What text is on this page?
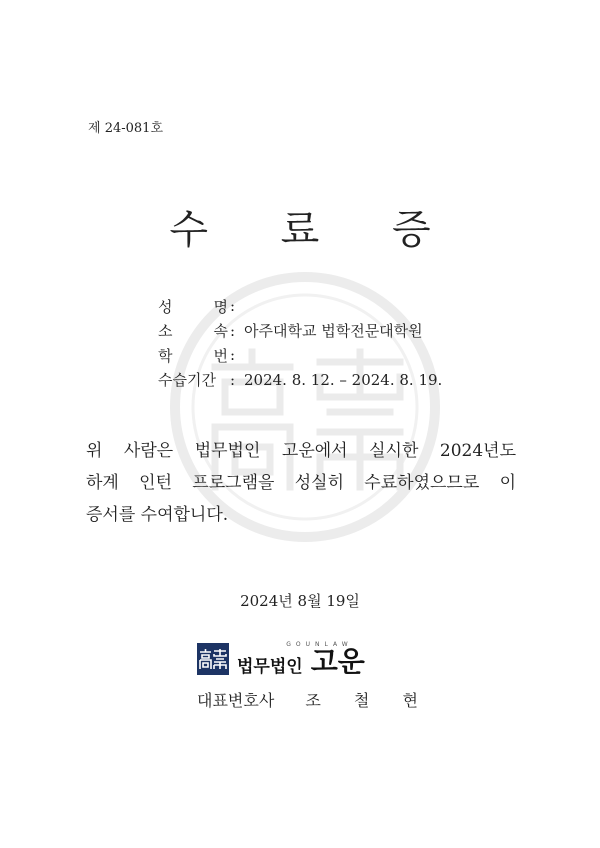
제 24-081호
수 료 증
성	명 :
소	속 : 아주대학교 법학전문대학원
학	번 :
수습기간 : 2024. 8. 12. – 2024. 8. 19.
위 사람은 법무법인 고운에서 실시한 2024년도
하계 인턴 프로그램을 성실히 수료하였으므로 이
증서를 수여합니다.
2024년 8월 19일
GOUNLAW
법무법인 고운
대표변호사 조 철 현
